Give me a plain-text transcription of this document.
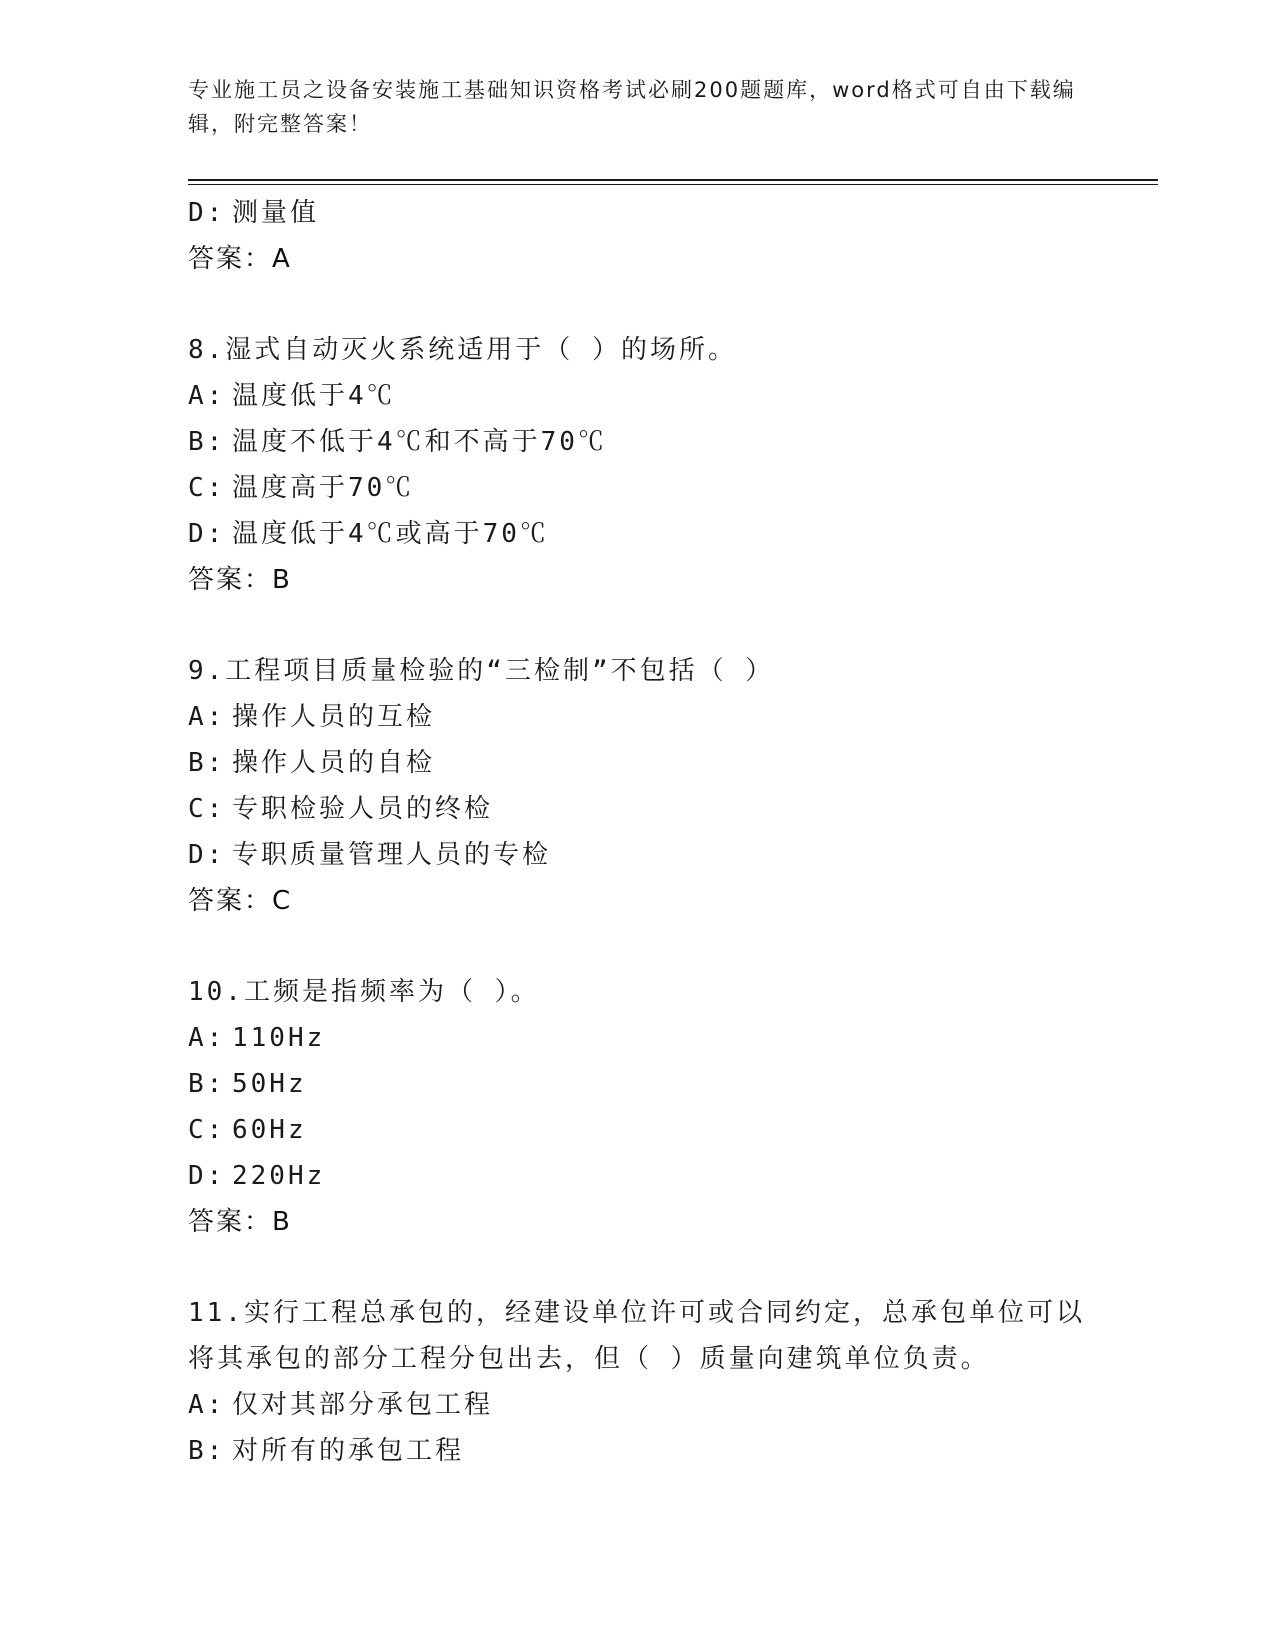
专业施工员之设备安装施工基础知识资格考试必刷200题题库，word格式可自由下载编辑，附完整答案！
D: 测量值
答案：A
8.湿式自动灭火系统适用于（ ）的场所。
A: 温度低于4℃
B: 温度不低于4℃和不高于70℃
C: 温度高于70℃
D: 温度低于4℃或高于70℃
答案：B
9.工程项目质量检验的“三检制”不包括（ ）
A: 操作人员的互检
B: 操作人员的自检
C: 专职检验人员的终检
D: 专职质量管理人员的专检
答案：C
10.工频是指频率为（ ）。
A: 110Hz
B: 50Hz
C: 60Hz
D: 220Hz
答案：B
11.实行工程总承包的，经建设单位许可或合同约定，总承包单位可以
将其承包的部分工程分包出去，但（ ）质量向建筑单位负责。
A: 仅对其部分承包工程
B: 对所有的承包工程
